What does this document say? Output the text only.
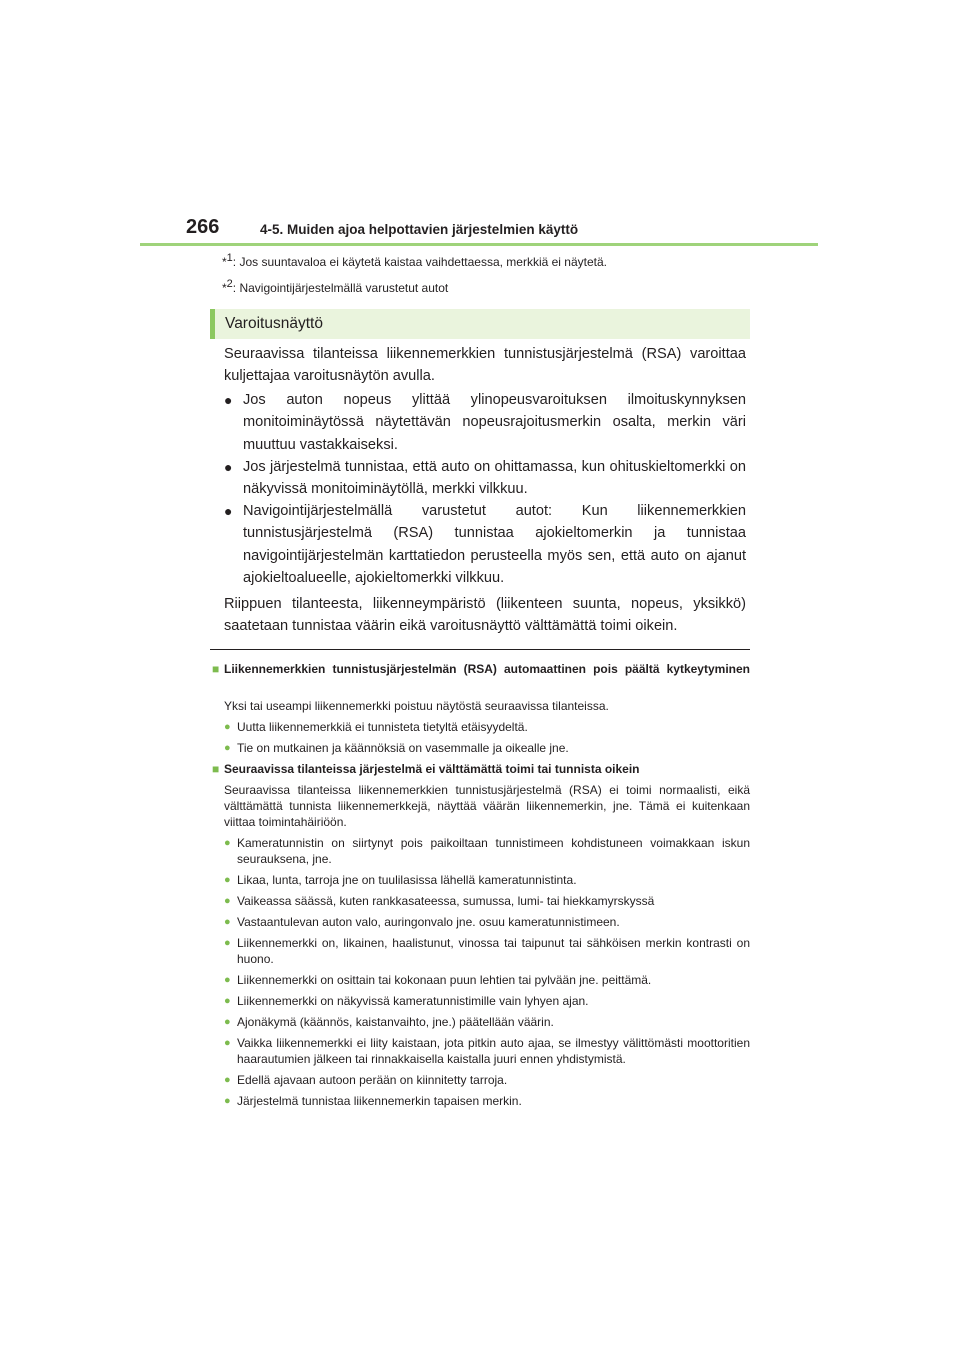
266	4-5. Muiden ajoa helpottavien järjestelmien käyttö
*$^1$: Jos suuntavaloa ei käytetä kaistaa vaihdettaessa, merkkiä ei näytetä.
*$^2$: Navigointijärjestelmällä varustetut autot
Varoitusnäyttö
Seuraavissa tilanteissa liikennemerkkien tunnistusjärjestelmä (RSA) varoittaa kuljettajaa varoitusnäytön avulla.
● Jos auton nopeus ylittää ylinopeusvaroituksen ilmoituskynnyksen monitoiminäytössä näytettävän nopeusrajoitusmerkin osalta, merkin väri muuttuu vastakkaiseksi.
● Jos järjestelmä tunnistaa, että auto on ohittamassa, kun ohituskieltomerkki on näkyvissä monitoiminäytöllä, merkki vilkkuu.
● Navigointijärjestelmällä varustetut autot: Kun liikennemerkkien tunnistusjärjestelmä (RSA) tunnistaa ajokieltomerkin ja tunnistaa navigointijärjestelmän karttatiedon perusteella myös sen, että auto on ajanut ajokieltoalueelle, ajokieltomerkki vilkkuu.
Riippuen tilanteesta, liikenneympäristö (liikenteen suunta, nopeus, yksikkö) saatetaan tunnistaa väärin eikä varoitusnäyttö välttämättä toimi oikein.
■ Liikennemerkkien tunnistusjärjestelmän (RSA) automaattinen pois päältä kytkeytyminen
Yksi tai useampi liikennemerkki poistuu näytöstä seuraavissa tilanteissa.
● Uutta liikennemerkkiä ei tunnisteta tietyltä etäisyydeltä.
● Tie on mutkainen ja käännöksiä on vasemmalle ja oikealle jne.
■ Seuraavissa tilanteissa järjestelmä ei välttämättä toimi tai tunnista oikein
Seuraavissa tilanteissa liikennemerkkien tunnistusjärjestelmä (RSA) ei toimi normaalisti, eikä välttämättä tunnista liikennemerkkejä, näyttää väärän liikennemerkin, jne. Tämä ei kuitenkaan viittaa toimintahäiriöön.
● Kameratunnistin on siirtynyt pois paikoiltaan tunnistimeen kohdistuneen voimakkaan iskun seurauksena, jne.
● Likaa, lunta, tarroja jne on tuulilasissa lähellä kameratunnistinta.
● Vaikeassa säässä, kuten rankkasateessa, sumussa, lumi- tai hiekkamyrskyssä
● Vastaantulevan auton valo, auringonvalo jne. osuu kameratunnistimeen.
● Liikennemerkki on, likainen, haalistunut, vinossa tai taipunut tai sähköisen merkin kontrasti on huono.
● Liikennemerkki on osittain tai kokonaan puun lehtien tai pylvään jne. peittämä.
● Liikennemerkki on näkyvissä kameratunnistimille vain lyhyen ajan.
● Ajonäkymä (käännös, kaistanvaihto, jne.) päätellään väärin.
● Vaikka liikennemerkki ei liity kaistaan, jota pitkin auto ajaa, se ilmestyy välittömästi moottoritien haarautumien jälkeen tai rinnakkaisella kaistalla juuri ennen yhdistymistä.
● Edellä ajavaan autoon perään on kiinnitetty tarroja.
● Järjestelmä tunnistaa liikennemerkin tapaisen merkin.
